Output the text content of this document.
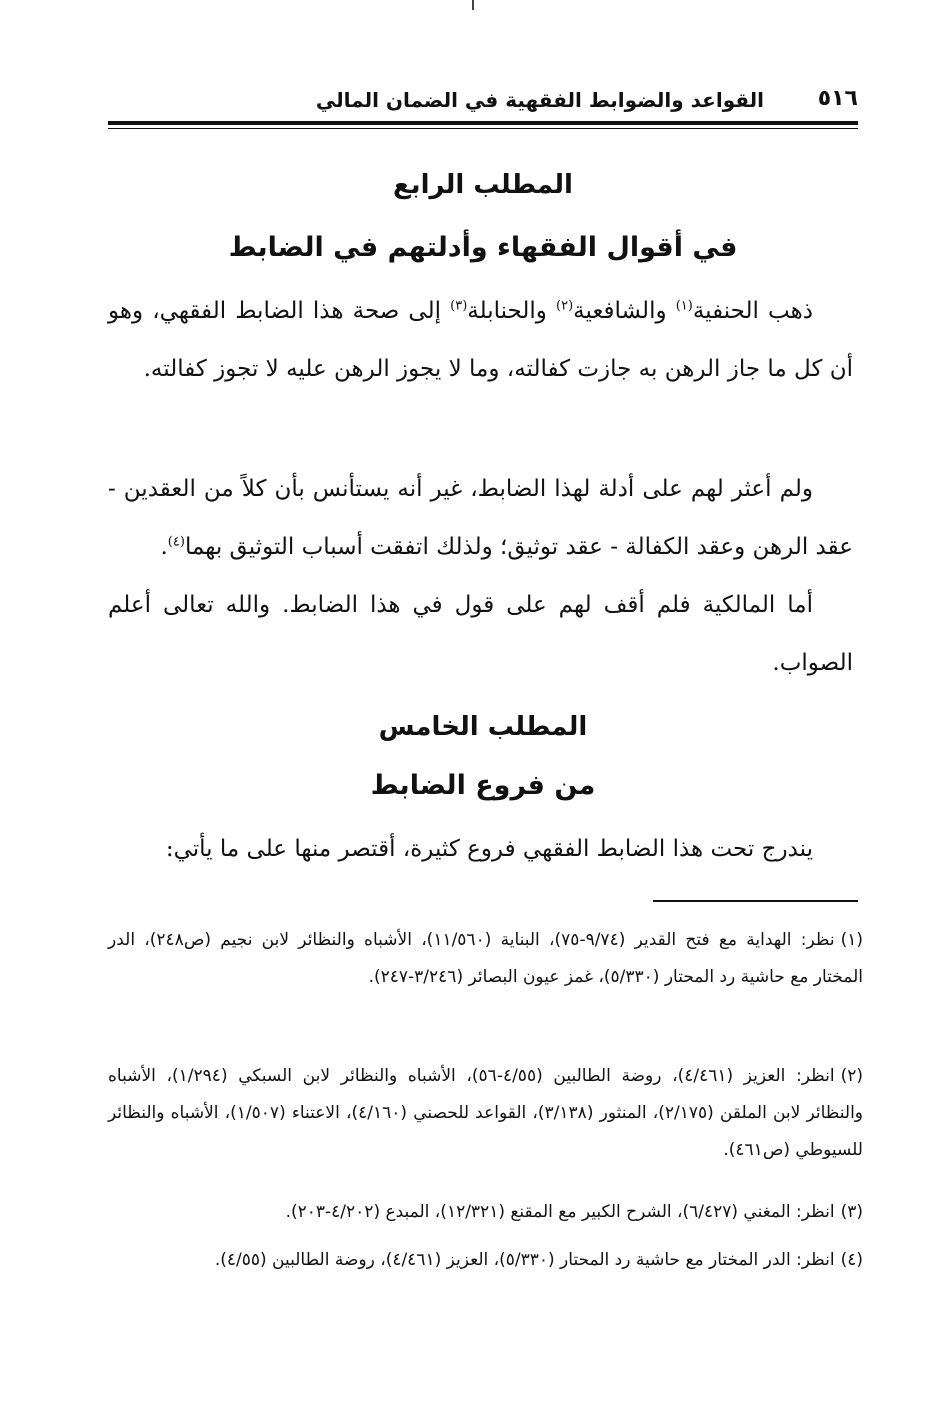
٥١٦
القواعد والضوابط الفقهية في الضمان المالي
المطلب الرابع
في أقوال الفقهاء وأدلتهم في الضابط
ذهب الحنفية$^{(١)}$ والشافعية$^{(٢)}$ والحنابلة$^{(٣)}$ إلى صحة هذا الضابط الفقهي، وهو أن كل ما جاز الرهن به جازت كفالته، وما لا يجوز الرهن عليه لا تجوز كفالته.
ولم أعثر لهم على أدلة لهذا الضابط، غير أنه يستأنس بأن كلاً من العقدين - عقد الرهن وعقد الكفالة - عقد توثيق؛ ولذلك اتفقت أسباب التوثيق بهما$^{(٤)}$.
أما المالكية فلم أقف لهم على قول في هذا الضابط. والله تعالى أعلم الصواب.
المطلب الخامس
من فروع الضابط
يندرج تحت هذا الضابط الفقهي فروع كثيرة، أقتصر منها على ما يأتي:
(١)نظر: الهداية مع فتح القدير (٩/٧٤-٧٥)، البناية (١١/٥٦٠)، الأشباه والنظائر لابن نجيم (ص٢٤٨)، الدر المختار مع حاشية رد المحتار (٥/٣٣٠)، غمز عيون البصائر (٣/٢٤٦-٢٤٧).
(٢)انظر: العزيز (٤/٤٦١)، روضة الطالبين (٤/٥٥-٥٦)، الأشباه والنظائر لابن السبكي (١/٢٩٤)، الأشباه والنظائر لابن الملقن (٢/١٧٥)، المنثور (٣/١٣٨)، القواعد للحصني (٤/١٦٠)، الاعتناء (١/٥٠٧)، الأشباه والنظائر للسيوطي (ص٤٦١).
(٣)انظر: المغني (٦/٤٢٧)، الشرح الكبير مع المقنع (١٢/٣٢١)، المبدع (٤/٢٠٢-٢٠٣).
(٤)انظر: الدر المختار مع حاشية رد المحتار (٥/٣٣٠)، العزيز (٤/٤٦١)، روضة الطالبين (٤/٥٥).
